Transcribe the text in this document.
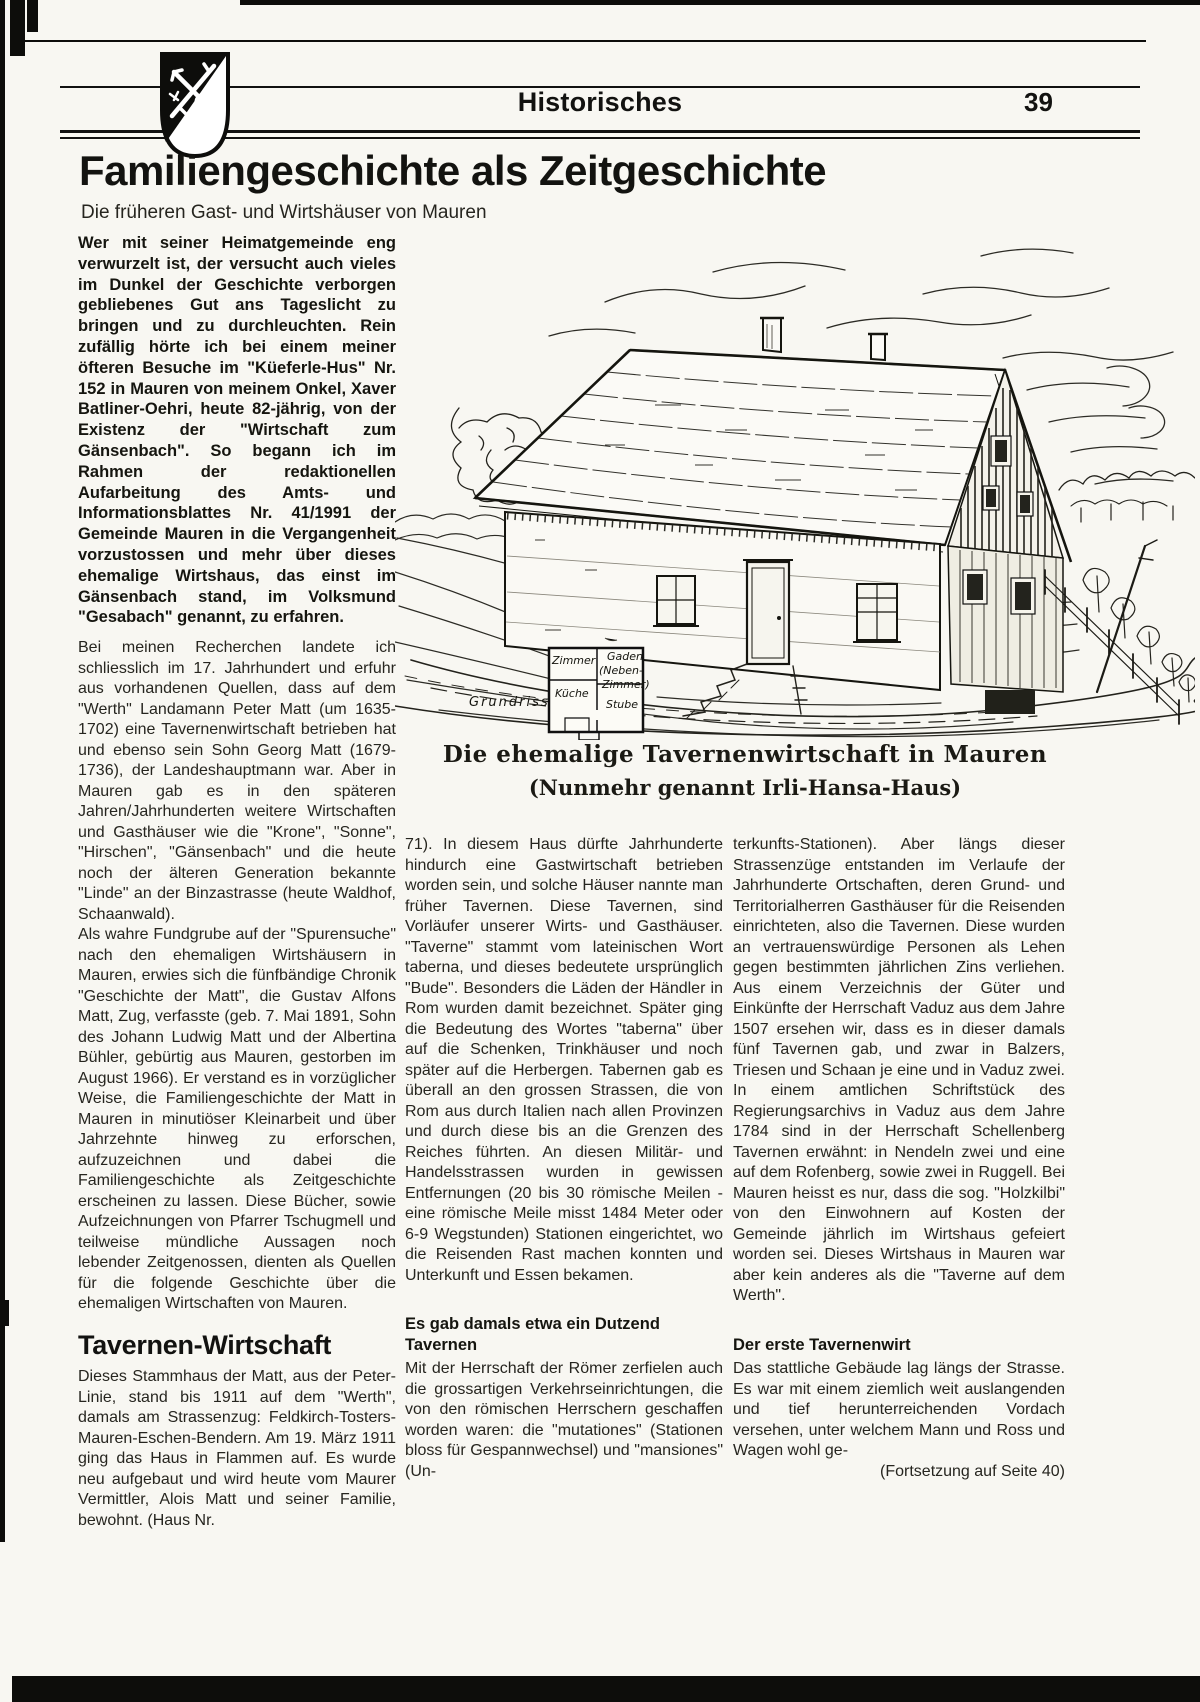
Historisches	39
Familiengeschichte als Zeitgeschichte
Die früheren Gast- und Wirtshäuser von Mauren
Zimmer Gaden
(Neben-
Zimmer)
Küche
Stube
Grundriss
Die ehemalige Tavernenwirtschaft in Mauren
(Nunmehr genannt Irli-Hansa-Haus)

Wer mit seiner Heimatgemeinde eng verwurzelt ist, der versucht auch vieles im Dunkel der Geschichte verborgen gebliebenes Gut ans Tageslicht zu bringen und zu durchleuchten. Rein zufällig hörte ich bei einem meiner öfteren Besuche im "Küeferle-Hus" Nr. 152 in Mauren von meinem Onkel, Xaver Batliner-Oehri, heute 82-jährig, von der Existenz der "Wirtschaft zum Gänsenbach". So begann ich im Rahmen der redaktionellen Aufarbeitung des Amts- und Informationsblattes Nr. 41/1991 der Gemeinde Mauren in die Vergangenheit vorzustossen und mehr über dieses ehemalige Wirtshaus, das einst im Gänsenbach stand, im Volksmund "Gesabach" genannt, zu erfahren.

Bei meinen Recherchen landete ich schliesslich im 17. Jahrhundert und erfuhr aus vorhandenen Quellen, dass auf dem "Werth" Landamann Peter Matt (um 1635-1702) eine Tavernenwirtschaft betrieben hat und ebenso sein Sohn Georg Matt (1679-1736), der Landeshauptmann war. Aber in Mauren gab es in den späteren Jahren/Jahrhunderten weitere Wirtschaften und Gasthäuser wie die "Krone", "Sonne", "Hirschen", "Gänsenbach" und die heute noch der älteren Generation bekannte "Linde" an der Binzastrasse (heute Waldhof, Schaanwald).

Als wahre Fundgrube auf der "Spurensuche" nach den ehemaligen Wirtshäusern in Mauren, erwies sich die fünfbändige Chronik "Geschichte der Matt", die Gustav Alfons Matt, Zug, verfasste (geb. 7. Mai 1891, Sohn des Johann Ludwig Matt und der Albertina Bühler, gebürtig aus Mauren, gestorben im August 1966). Er verstand es in vorzüglicher Weise, die Familiengeschichte der Matt in Mauren in minutiöser Kleinarbeit und über Jahrzehnte hinweg zu erforschen, aufzuzeichnen und dabei die Familiengeschichte als Zeitgeschichte erscheinen zu lassen. Diese Bücher, sowie Aufzeichnungen von Pfarrer Tschugmell und teilweise mündliche Aussagen noch lebender Zeitgenossen, dienten als Quellen für die folgende Geschichte über die ehemaligen Wirtschaften von Mauren.

Tavernen-Wirtschaft

Dieses Stammhaus der Matt, aus der Peter-Linie, stand bis 1911 auf dem "Werth", damals am Strassenzug: Feldkirch-Tosters-Mauren-Eschen-Bendern. Am 19. März 1911 ging das Haus in Flammen auf. Es wurde neu aufgebaut und wird heute vom Maurer Vermittler, Alois Matt und seiner Familie, bewohnt. (Haus Nr.

71). In diesem Haus dürfte Jahrhunderte hindurch eine Gastwirtschaft betrieben worden sein, und solche Häuser nannte man früher Tavernen. Diese Tavernen, sind Vorläufer unserer Wirts- und Gasthäuser. "Taverne" stammt vom lateinischen Wort taberna, und dieses bedeutete ursprünglich "Bude". Besonders die Läden der Händler in Rom wurden damit bezeichnet. Später ging die Bedeutung des Wortes "taberna" über auf die Schenken, Trinkhäuser und noch später auf die Herbergen. Tabernen gab es überall an den grossen Strassen, die von Rom aus durch Italien nach allen Provinzen und durch diese bis an die Grenzen des Reiches führten. An diesen Militär- und Handelsstrassen wurden in gewissen Entfernungen (20 bis 30 römische Meilen - eine römische Meile misst 1484 Meter oder 6-9 Wegstunden) Stationen eingerichtet, wo die Reisenden Rast machen konnten und Unterkunft und Essen bekamen.

Es gab damals etwa ein Dutzend Tavernen

Mit der Herrschaft der Römer zerfielen auch die grossartigen Verkehrseinrichtungen, die von den römischen Herrschern geschaffen worden waren: die "mutationes" (Stationen bloss für Gespannwechsel) und "mansiones" (Un-

terkunfts-Stationen). Aber längs dieser Strassenzüge entstanden im Verlaufe der Jahrhunderte Ortschaften, deren Grund- und Territorialherren Gasthäuser für die Reisenden einrichteten, also die Tavernen. Diese wurden an vertrauenswürdige Personen als Lehen gegen bestimmten jährlichen Zins verliehen. Aus einem Verzeichnis der Güter und Einkünfte der Herrschaft Vaduz aus dem Jahre 1507 ersehen wir, dass es in dieser damals fünf Tavernen gab, und zwar in Balzers, Triesen und Schaan je eine und in Vaduz zwei. In einem amtlichen Schriftstück des Regierungsarchivs in Vaduz aus dem Jahre 1784 sind in der Herrschaft Schellenberg Tavernen erwähnt: in Nendeln zwei und eine auf dem Rofenberg, sowie zwei in Ruggell. Bei Mauren heisst es nur, dass die sog. "Holzkilbi" von den Einwohnern auf Kosten der Gemeinde jährlich im Wirtshaus gefeiert worden sei. Dieses Wirtshaus in Mauren war aber kein anderes als die "Taverne auf dem Werth".

Der erste Tavernenwirt

Das stattliche Gebäude lag längs der Strasse. Es war mit einem ziemlich weit auslangenden und tief herunterreichenden Vordach versehen, unter welchem Mann und Ross und Wagen wohl ge-

(Fortsetzung auf Seite 40)
